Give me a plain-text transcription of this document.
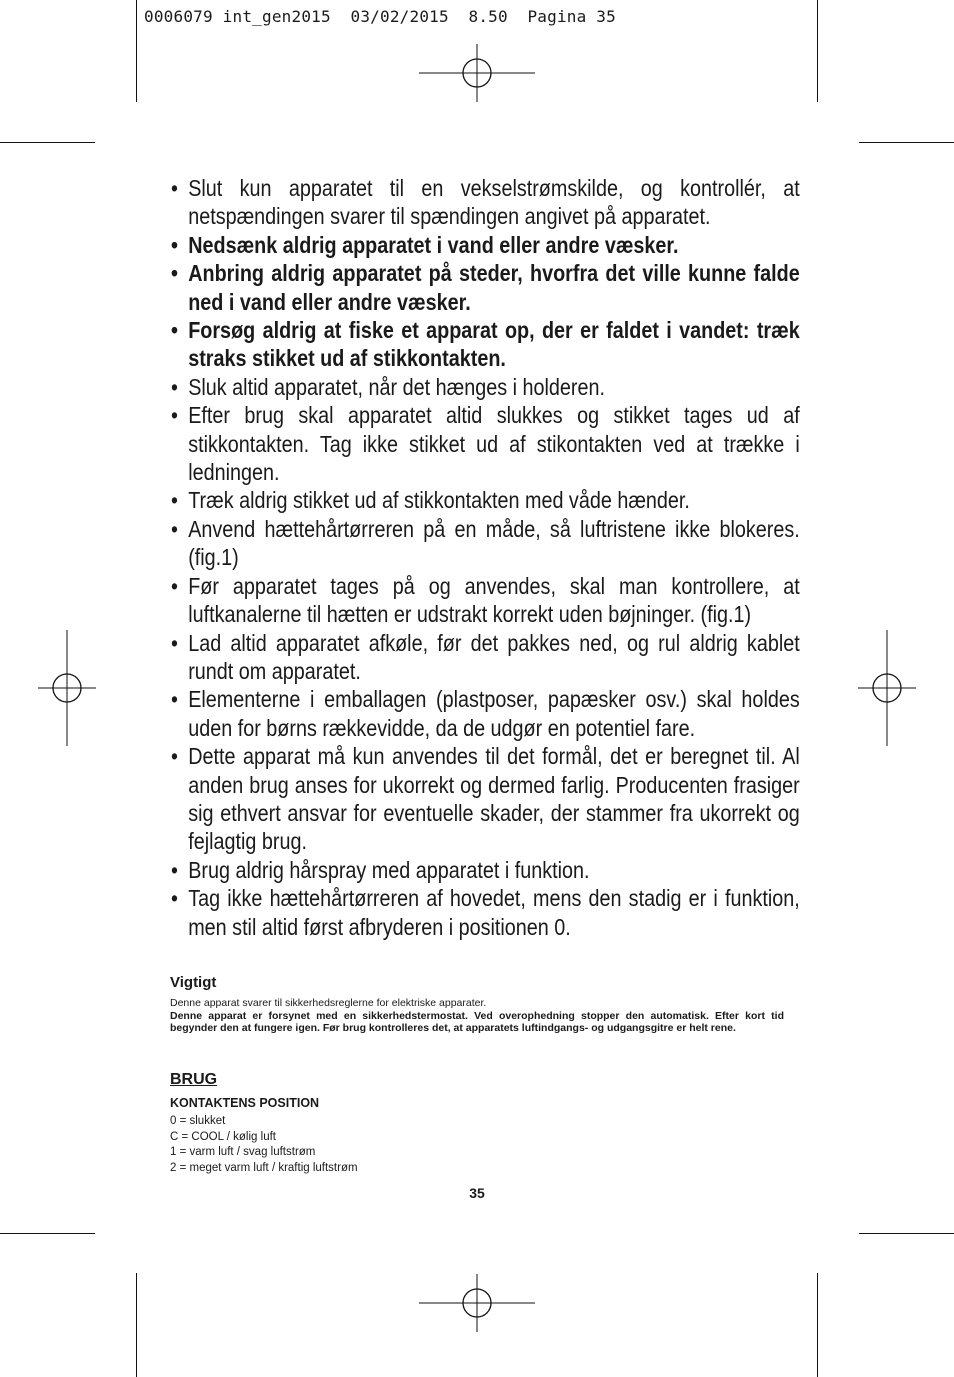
0006079 int_gen2015  03/02/2015  8.50  Pagina 35
• Slut kun apparatet til en vekselstrømskilde, og kontrollér, at netspændingen svarer til spændingen angivet på apparatet.
• Nedsænk aldrig apparatet i vand eller andre væsker.
• Anbring aldrig apparatet på steder, hvorfra det ville kunne falde ned i vand eller andre væsker.
• Forsøg aldrig at fiske et apparat op, der er faldet i vandet: træk straks stikket ud af stikkontakten.
• Sluk altid apparatet, når det hænges i holderen.
• Efter brug skal apparatet altid slukkes og stikket tages ud af stikkontakten. Tag ikke stikket ud af stikontakten ved at trække i ledningen.
• Træk aldrig stikket ud af stikkontakten med våde hænder.
• Anvend hættehårtørreren på en måde, så luftristene ikke blokeres. (fig.1)
• Før apparatet tages på og anvendes, skal man kontrollere, at luftkanalerne til hætten er udstrakt korrekt uden bøjninger. (fig.1)
• Lad altid apparatet afkøle, før det pakkes ned, og rul aldrig kablet rundt om apparatet.
• Elementerne i emballagen (plastposer, papæsker osv.) skal holdes uden for børns rækkevidde, da de udgør en potentiel fare.
• Dette apparat må kun anvendes til det formål, det er beregnet til. Al anden brug anses for ukorrekt og dermed farlig. Producenten frasiger sig ethvert ansvar for eventuelle skader, der stammer fra ukorrekt og fejlagtig brug.
• Brug aldrig hårspray med apparatet i funktion.
• Tag ikke hættehårtørreren af hovedet, mens den stadig er i funktion, men stil altid først afbryderen i positionen 0.
Vigtigt
Denne apparat svarer til sikkerhedsreglerne for elektriske apparater.
Denne apparat er forsynet med en sikkerhedstermostat. Ved overophedning stopper den automatisk. Efter kort tid begynder den at fungere igen. Før brug kontrolleres det, at apparatets luftindgangs- og udgangsgitre er helt rene.
BRUG
KONTAKTENS POSITION
0 = slukket
C = COOL / kølig luft
1 = varm luft / svag luftstrøm
2 = meget varm luft / kraftig luftstrøm
35
